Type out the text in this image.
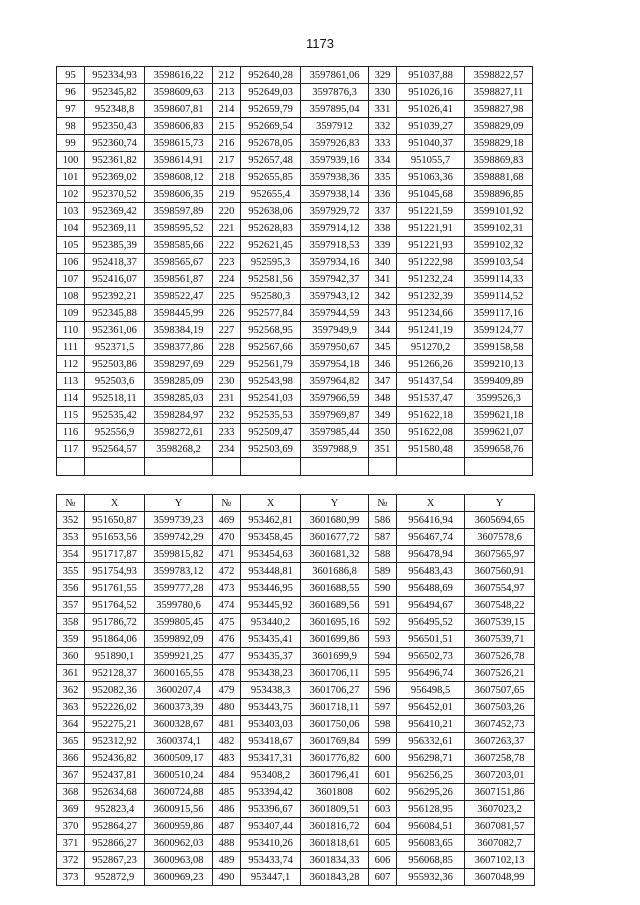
1173
95	952334,93	3598616,22	212	952640,28	3597861,06	329	951037,88	3598822,57
96	952345,82	3598609,63	213	952649,03	3597876,3	330	951026,16	3598827,11
97	952348,8	3598607,81	214	952659,79	3597895,04	331	951026,41	3598827,98
98	952350,43	3598606,83	215	952669,54	3597912	332	951039,27	3598829,09
99	952360,74	3598615,73	216	952678,05	3597926,83	333	951040,37	3598829,18
100	952361,82	3598614,91	217	952657,48	3597939,16	334	951055,7	3598869,83
101	952369,02	3598608,12	218	952655,85	3597938,36	335	951063,36	3598881,68
102	952370,52	3598606,35	219	952655,4	3597938,14	336	951045,68	3598896,85
103	952369,42	3598597,89	220	952638,06	3597929,72	337	951221,59	3599101,92
104	952369,11	3598595,52	221	952628,83	3597914,12	338	951221,91	3599102,31
105	952385,39	3598585,66	222	952621,45	3597918,53	339	951221,93	3599102,32
106	952418,37	3598565,67	223	952595,3	3597934,16	340	951222,98	3599103,54
107	952416,07	3598561,87	224	952581,56	3597942,37	341	951232,24	3599114,33
108	952392,21	3598522,47	225	952580,3	3597943,12	342	951232,39	3599114,52
109	952345,88	3598445,99	226	952577,84	3597944,59	343	951234,66	3599117,16
110	952361,06	3598384,19	227	952568,95	3597949,9	344	951241,19	3599124,77
111	952371,5	3598377,86	228	952567,66	3597950,67	345	951270,2	3599158,58
112	952503,86	3598297,69	229	952561,79	3597954,18	346	951266,26	3599210,13
113	952503,6	3598285,09	230	952543,98	3597964,82	347	951437,54	3599409,89
114	952518,11	3598285,03	231	952541,03	3597966,59	348	951537,47	3599526,3
115	952535,42	3598284,97	232	952535,53	3597969,87	349	951622,18	3599621,18
116	952556,9	3598272,61	233	952509,47	3597985,44	350	951622,08	3599621,07
117	952564,57	3598268,2	234	952503,69	3597988,9	351	951580,48	3599658,76

№	X	Y	№	X	Y	№	X	Y
352	951650,87	3599739,23	469	953462,81	3601680,99	586	956416,94	3605694,65
353	951653,56	3599742,29	470	953458,45	3601677,72	587	956467,74	3607578,6
354	951717,87	3599815,82	471	953454,63	3601681,32	588	956478,94	3607565,97
355	951754,93	3599783,12	472	953448,81	3601686,8	589	956483,43	3607560,91
356	951761,55	3599777,28	473	953446,95	3601688,55	590	956488,69	3607554,97
357	951764,52	3599780,6	474	953445,92	3601689,56	591	956494,67	3607548,22
358	951786,72	3599805,45	475	953440,2	3601695,16	592	956495,52	3607539,15
359	951864,06	3599892,09	476	953435,41	3601699,86	593	956501,51	3607539,71
360	951890,1	3599921,25	477	953435,37	3601699,9	594	956502,73	3607526,78
361	952128,37	3600165,55	478	953438,23	3601706,11	595	956496,74	3607526,21
362	952082,36	3600207,4	479	953438,3	3601706,27	596	956498,5	3607507,65
363	952226,02	3600373,39	480	953443,75	3601718,11	597	956452,01	3607503,26
364	952275,21	3600328,67	481	953403,03	3601750,06	598	956410,21	3607452,73
365	952312,92	3600374,1	482	953418,67	3601769,84	599	956332,61	3607263,37
366	952436,82	3600509,17	483	953417,31	3601776,82	600	956298,71	3607258,78
367	952437,81	3600510,24	484	953408,2	3601796,41	601	956256,25	3607203,01
368	952634,68	3600724,88	485	953394,42	3601808	602	956295,26	3607151,86
369	952823,4	3600915,56	486	953396,67	3601809,51	603	956128,95	3607023,2
370	952864,27	3600959,86	487	953407,44	3601816,72	604	956084,51	3607081,57
371	952866,27	3600962,03	488	953410,26	3601818,61	605	956083,65	3607082,7
372	952867,23	3600963,08	489	953433,74	3601834,33	606	956068,85	3607102,13
373	952872,9	3600969,23	490	953447,1	3601843,28	607	955932,36	3607048,99
